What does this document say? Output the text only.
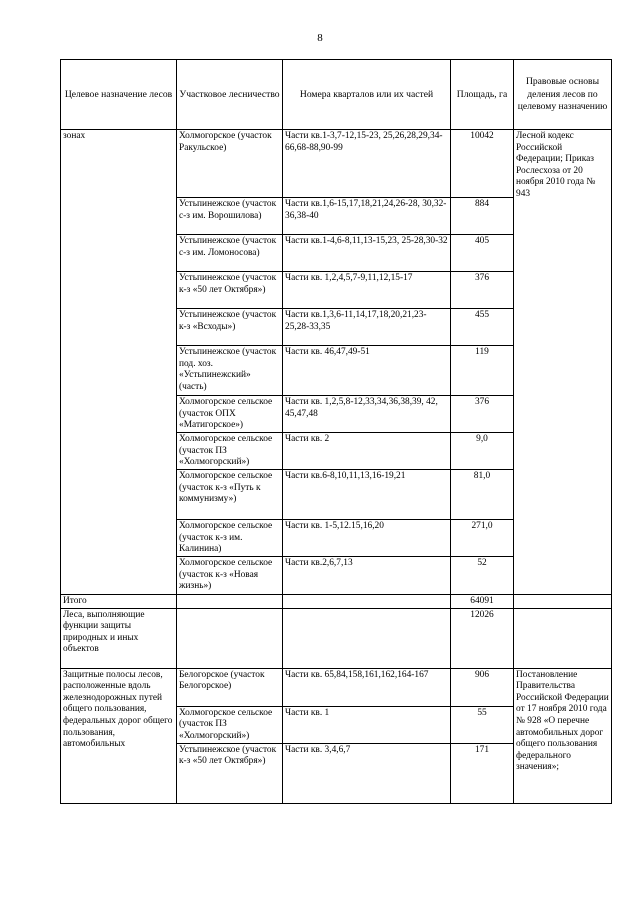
8
Целевое назначение лесов	Участковое лесничество	Номера кварталов или их частей	Площадь, га	Правовые основы деления лесов по целевому назначению
зонах	Холмогорское (участок Ракульское)	Части кв.1-3,7-12,15-23, 25,26,28,29,34-66,68-88,90-99	10042	Лесной кодекс Российской Федерации; Приказ Рослесхоза от 20 ноября 2010 года № 943
	Устьпинежское (участок с-з им. Ворошилова)	Части кв.1,6-15,17,18,21,24,26-28, 30,32-36,38-40	884	
	Устьпинежское (участок с-з им. Ломоносова)	Части кв.1-4,6-8,11,13-15,23, 25-28,30-32	405	
	Устьпинежское (участок к-з «50 лет Октября»)	Части кв. 1,2,4,5,7-9,11,12,15-17	376	
	Устьпинежское (участок к-з «Всходы»)	Части кв.1,3,6-11,14,17,18,20,21,23-25,28-33,35	455	
	Устьпинежское (участок под. хоз. «Устьпинежский» (часть)	Части кв. 46,47,49-51	119	
	Холмогорское сельское (участок ОПХ «Матигорское»)	Части кв. 1,2,5,8-12,33,34,36,38,39, 42, 45,47,48	376	
	Холмогорское сельское (участок ПЗ «Холмогорский»)	Части кв. 2	9,0	
	Холмогорское сельское (участок к-з «Путь к коммунизму»)	Части кв.6-8,10,11,13,16-19,21	81,0	
	Холмогорское сельское (участок к-з им. Калинина)	Части кв. 1-5,12.15,16,20	271,0	
	Холмогорское сельское (участок к-з «Новая жизнь»)	Части кв.2,6,7,13	52	
Итого			64091	
Леса, выполняющие функции защиты природных и иных объектов			12026	
Защитные полосы лесов, расположенные вдоль железнодорожных путей общего пользования, федеральных дорог общего пользования, автомобильных	Белогорское (участок Белогорское)	Части кв. 65,84,158,161,162,164-167	906	Постановление Правительства Российской Федерации от 17 ноября 2010 года № 928 «О перечне автомобильных дорог общего пользования федерального значения»;
	Холмогорское сельское (участок ПЗ «Холмогорский»)	Части кв. 1	55	
	Устьпинежское (участок к-з «50 лет Октября»)	Части кв. 3,4,6,7	171	
